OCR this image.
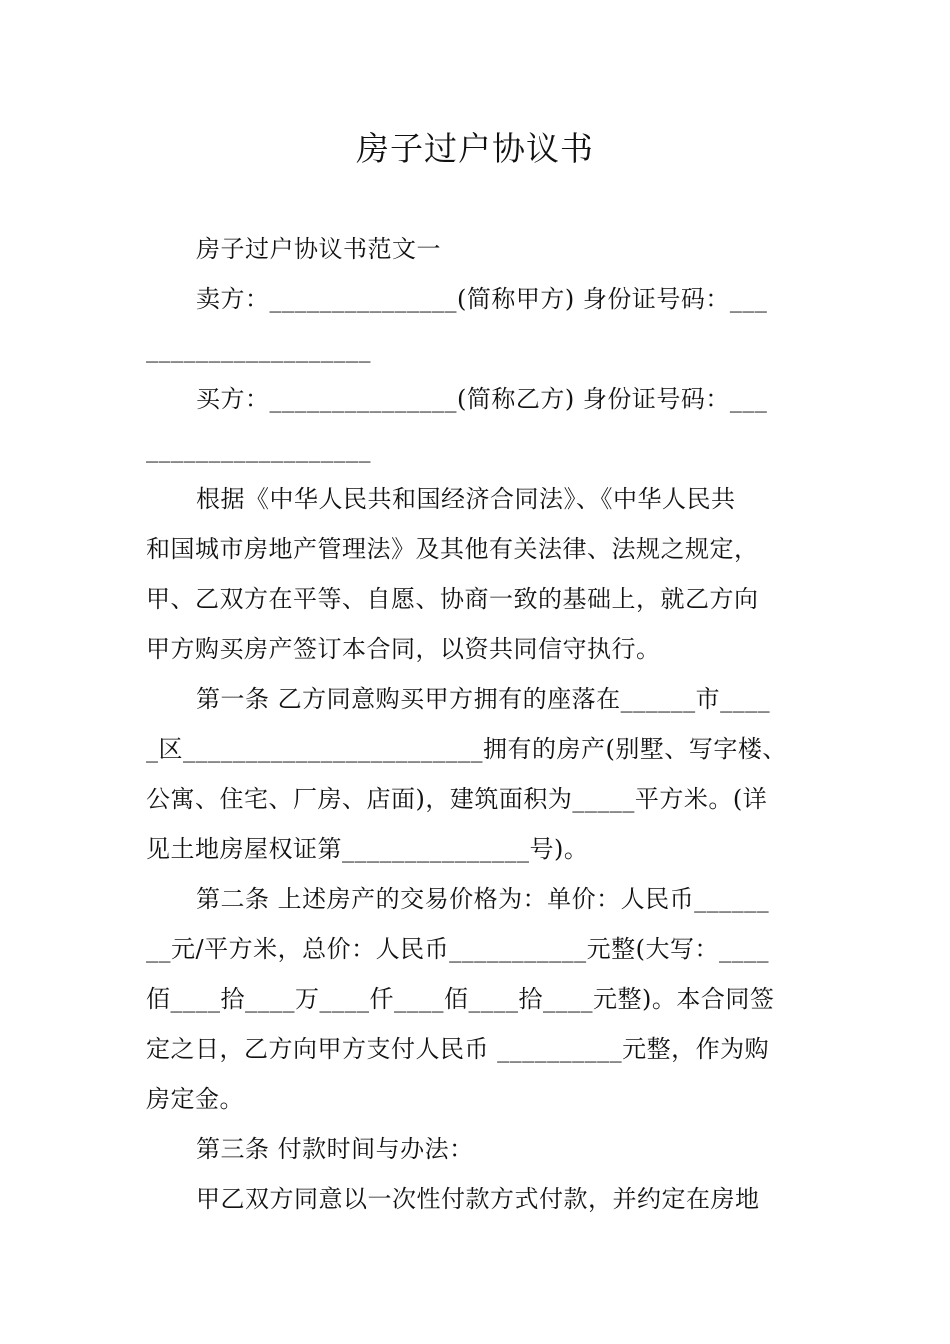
房子过户协议书
房子过户协议书范文一
卖方：_______________(简称甲方) 身份证号码：___
__________________
买方：_______________(简称乙方) 身份证号码：___
__________________
根据《中华人民共和国经济合同法》、《中华人民共
和国城市房地产管理法》及其他有关法律、法规之规定，
甲、乙双方在平等、自愿、协商一致的基础上，就乙方向
甲方购买房产签订本合同，以资共同信守执行。
第一条 乙方同意购买甲方拥有的座落在______市____
_区________________________拥有的房产(别墅、写字楼、
公寓、住宅、厂房、店面)，建筑面积为_____平方米。(详
见土地房屋权证第_______________号)。
第二条 上述房产的交易价格为：单价：人民币______
__元/平方米，总价：人民币___________元整(大写：____
佰____拾____万____仟____佰____拾____元整)。本合同签
定之日，乙方向甲方支付人民币 __________元整，作为购
房定金。
第三条 付款时间与办法：
甲乙双方同意以一次性付款方式付款，并约定在房地
